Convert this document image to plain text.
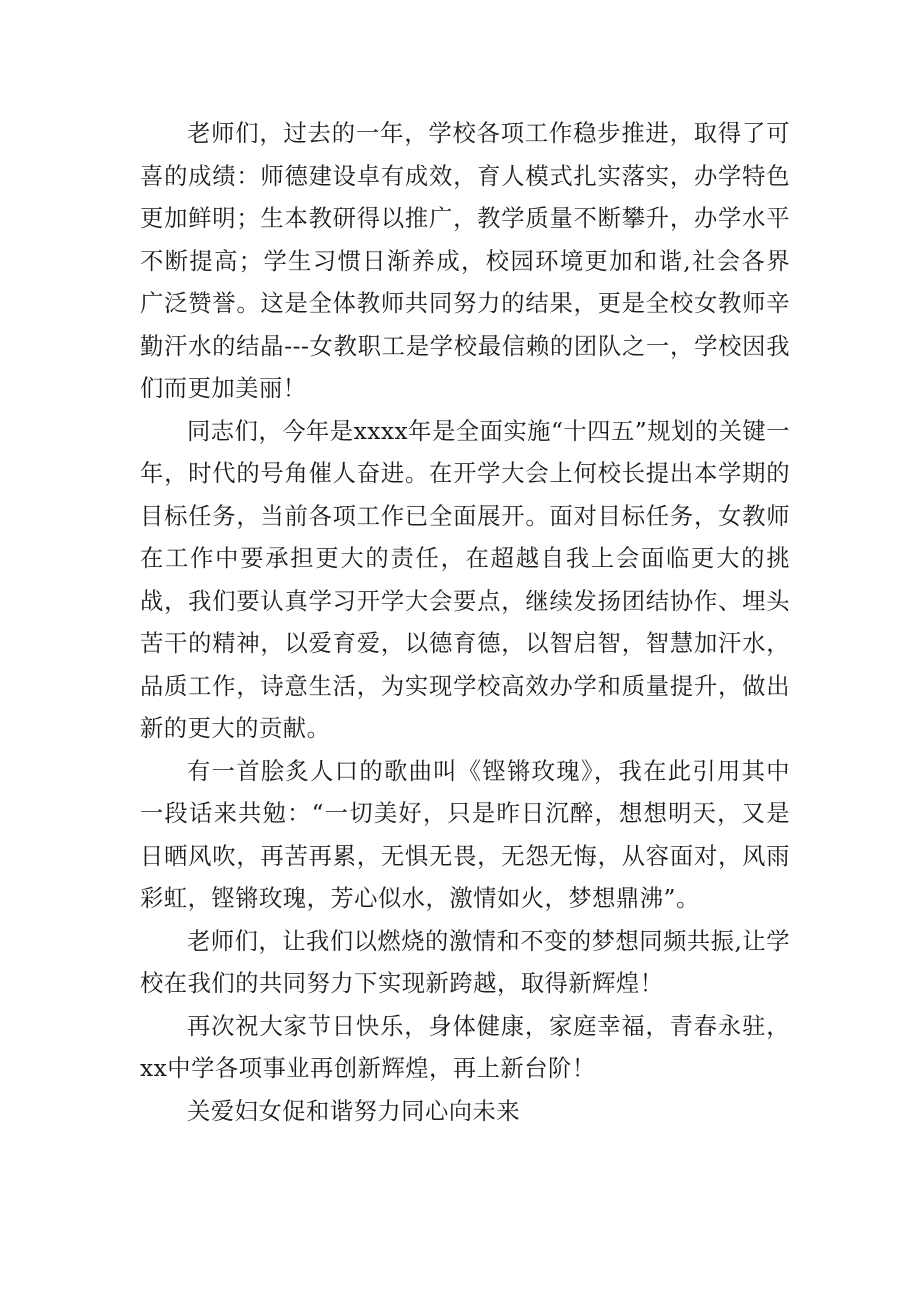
老师们，过去的一年，学校各项工作稳步推进，取得了可喜的成绩：师德建设卓有成效，育人模式扎实落实，办学特色更加鲜明；生本教研得以推广，教学质量不断攀升，办学水平不断提高；学生习惯日渐养成，校园环境更加和谐,社会各界广泛赞誉。这是全体教师共同努力的结果，更是全校女教师辛勤汗水的结晶---女教职工是学校最信赖的团队之一，学校因我们而更加美丽！

同志们，今年是xxxx年是全面实施“十四五”规划的关键一年，时代的号角催人奋进。在开学大会上何校长提出本学期的目标任务，当前各项工作已全面展开。面对目标任务，女教师在工作中要承担更大的责任，在超越自我上会面临更大的挑战，我们要认真学习开学大会要点，继续发扬团结协作、埋头苦干的精神，以爱育爱，以德育德，以智启智，智慧加汗水，品质工作，诗意生活，为实现学校高效办学和质量提升，做出新的更大的贡献。

有一首脍炙人口的歌曲叫《铿锵玫瑰》，我在此引用其中一段话来共勉：“一切美好，只是昨日沉醉，想想明天，又是日晒风吹，再苦再累，无惧无畏，无怨无悔，从容面对，风雨彩虹，铿锵玫瑰，芳心似水，激情如火，梦想鼎沸”。

老师们，让我们以燃烧的激情和不变的梦想同频共振,让学校在我们的共同努力下实现新跨越，取得新辉煌！

再次祝大家节日快乐，身体健康，家庭幸福，青春永驻，xx中学各项事业再创新辉煌，再上新台阶！

关爱妇女促和谐努力同心向未来
